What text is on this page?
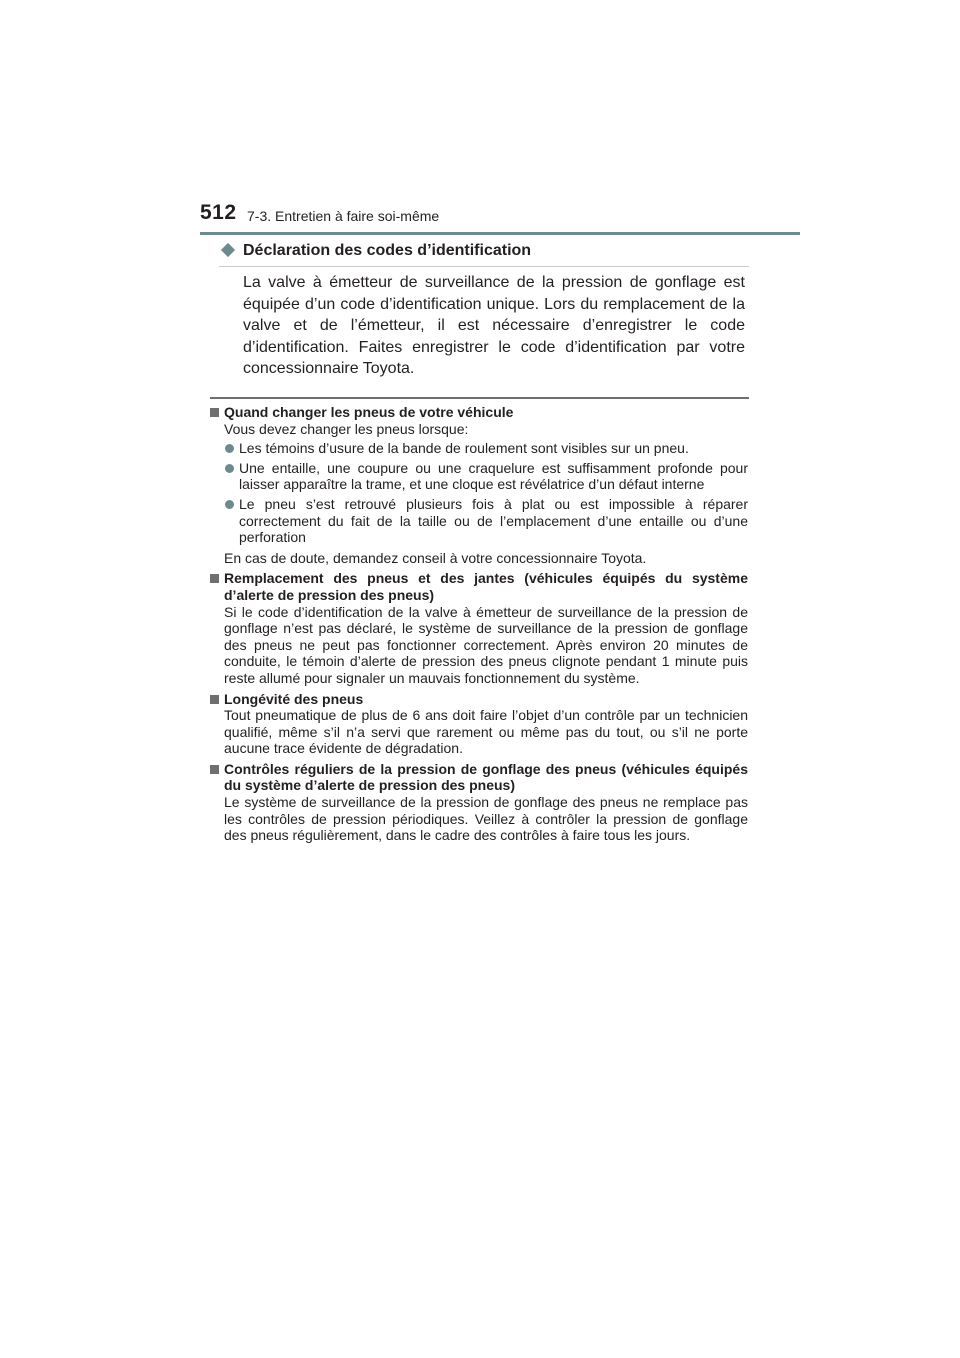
512 7-3. Entretien à faire soi-même
Déclaration des codes d’identification
La valve à émetteur de surveillance de la pression de gonflage est équipée d’un code d’identification unique. Lors du remplacement de la valve et de l’émetteur, il est nécessaire d’enregistrer le code d’identification. Faites enregistrer le code d’identification par votre concessionnaire Toyota.
Quand changer les pneus de votre véhicule
Vous devez changer les pneus lorsque:
Les témoins d’usure de la bande de roulement sont visibles sur un pneu.
Une entaille, une coupure ou une craquelure est suffisamment profonde pour laisser apparaître la trame, et une cloque est révélatrice d’un défaut interne
Le pneu s’est retrouvé plusieurs fois à plat ou est impossible à réparer correctement du fait de la taille ou de l’emplacement d’une entaille ou d’une perforation
En cas de doute, demandez conseil à votre concessionnaire Toyota.
Remplacement des pneus et des jantes (véhicules équipés du système d’alerte de pression des pneus)
Si le code d’identification de la valve à émetteur de surveillance de la pression de gonflage n’est pas déclaré, le système de surveillance de la pression de gonflage des pneus ne peut pas fonctionner correctement. Après environ 20 minutes de conduite, le témoin d’alerte de pression des pneus clignote pendant 1 minute puis reste allumé pour signaler un mauvais fonctionnement du système.
Longévité des pneus
Tout pneumatique de plus de 6 ans doit faire l’objet d’un contrôle par un technicien qualifié, même s’il n’a servi que rarement ou même pas du tout, ou s’il ne porte aucune trace évidente de dégradation.
Contrôles réguliers de la pression de gonflage des pneus (véhicules équipés du système d’alerte de pression des pneus)
Le système de surveillance de la pression de gonflage des pneus ne remplace pas les contrôles de pression périodiques. Veillez à contrôler la pression de gonflage des pneus régulièrement, dans le cadre des contrôles à faire tous les jours.
